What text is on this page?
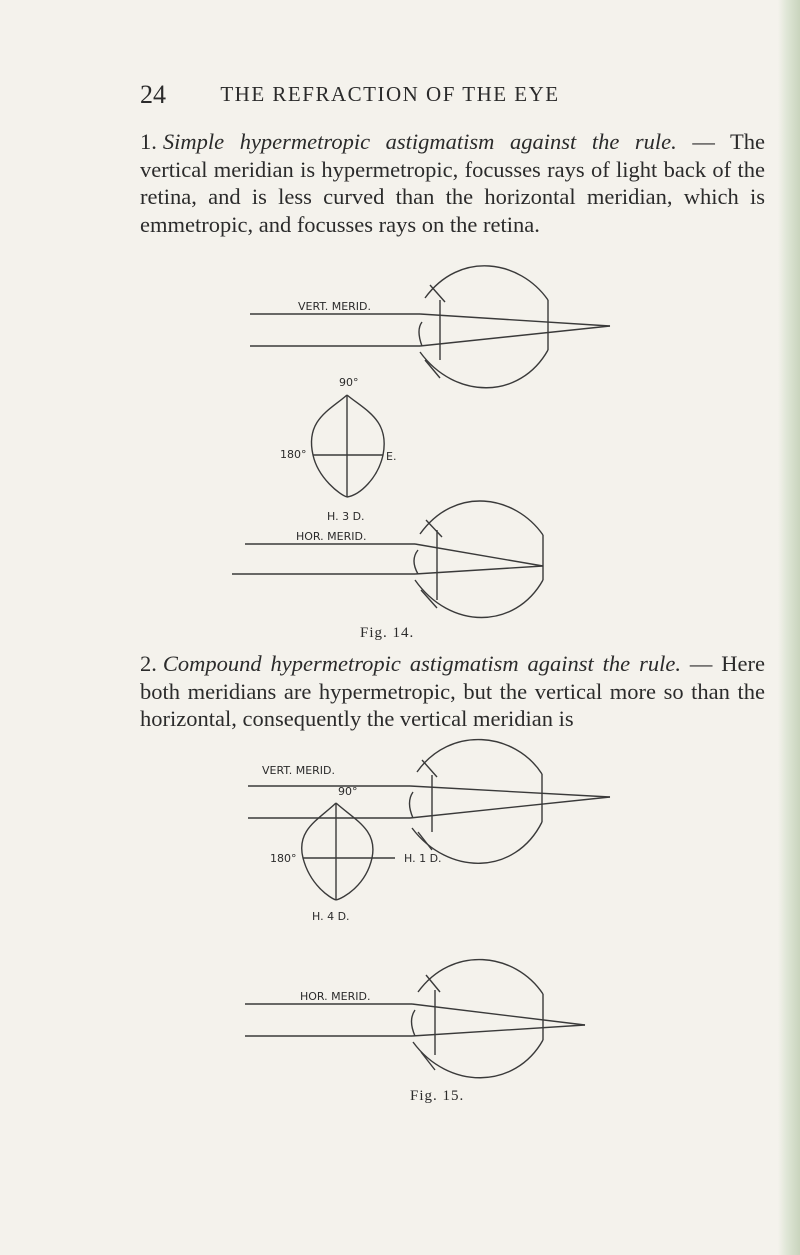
24	THE REFRACTION OF THE EYE

1. Simple hypermetropic astigmatism against the rule. — The vertical meridian is hypermetropic, focusses rays of light back of the retina, and is less curved than the horizontal meridian, which is emmetropic, and focusses rays on the retina.

2. Compound hypermetropic astigmatism against the rule. — Here both meridians are hypermetropic, but the vertical more so than the horizontal, consequently the vertical meridian is

VERT. MERID.
90°
180°	E.
H. 3 D.
HOR. MERID.
Fig. 14.
VERT. MERID.
90°
180°	H. 1 D.
H. 4 D.
HOR. MERID.
Fig. 15.
